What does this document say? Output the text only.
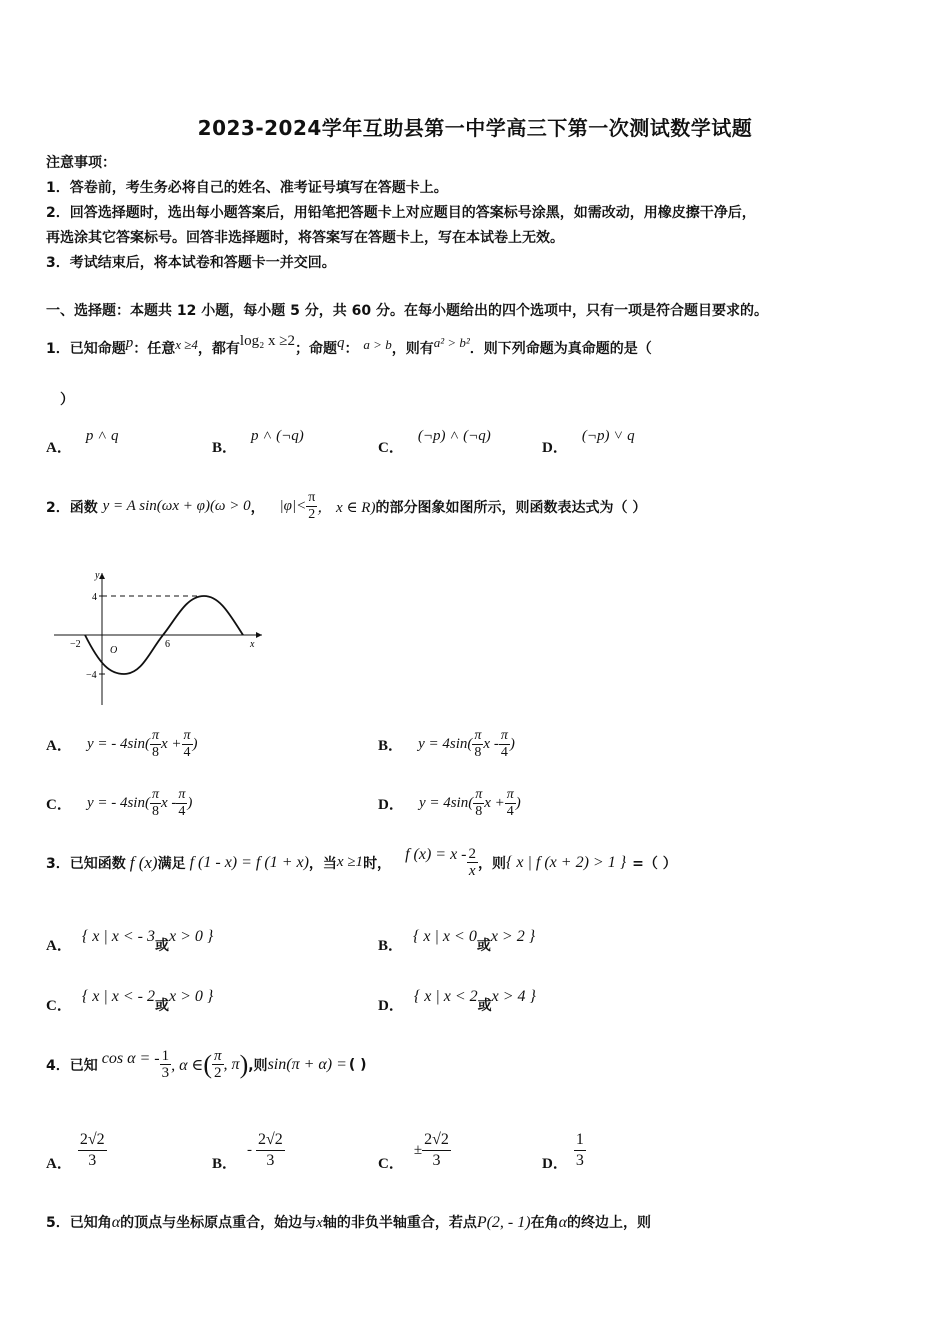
2023-2024学年互助县第一中学高三下第一次测试数学试题
注意事项：
1．答卷前，考生务必将自己的姓名、准考证号填写在答题卡上。
2．回答选择题时，选出每小题答案后，用铅笔把答题卡上对应题目的答案标号涂黑，如需改动，用橡皮擦干净后，
再选涂其它答案标号。回答非选择题时，将答案写在答题卡上，写在本试卷上无效。
3．考试结束后，将本试卷和答题卡一并交回。
一、选择题：本题共 12 小题，每小题 5 分，共 60 分。在每小题给出的四个选项中，只有一项是符合题目要求的。
1．已知命题p：任意x ≥4，都有log₂ x ≥2；命题q： a > b，则有a² > b²．则下列命题为真命题的是（
）
A．p ˄ q
B．p ˄ (¬q)
C．(¬p) ˄ (¬q)
D．(¬p) ˅ q
2．函数 y = A sin(ωx + φ)(ω > 0， $|\varphi|< \frac{\pi}{2}$ ， x ∈ R)的部分图象如图所示，则函数表达式为（ ）
y
x
O
4
−4
−2	6
A． y = - $4\sin( \frac{\pi}{8}$ $x + \frac{\pi}{4}$ )	B． $y = 4\sin( \frac{\pi}{8}$ x - $\frac{\pi}{4}$ )
C． y = - $4\sin( \frac{\pi}{8}$ x - $\frac{\pi}{4}$ )	D． $y = 4\sin( \frac{\pi}{8}$ $x + \frac{\pi}{4}$ )
3．已知函数 f (x)满足 f (1 - x) = f (1 + x)，当x ≥1时，f $(x) = x - \frac{2}{x}$ ，则{ x | f (x + 2) > 1 } =（ ）
A．{ x | x < - 3或x > 0 }
B．{ x | x < 0或x > 2 }
C．{ x | x < - 2或x > 0 }
D．{ x | x < 2或x > 4 }
4．已知 cos α = - $\frac{1}{3}$ , α ∈( $\frac{\pi}{2}$ , π),则sin(π + α) = ( )
A． $\frac{2√2}{3}$	B．- $\frac{2√2}{3}$	C．± $\frac{2√2}{3}$	D． $\frac{1}{3}$
5．已知角α的顶点与坐标原点重合，始边与x轴的非负半轴重合，若点P(2, - 1)在角α的终边上，则
